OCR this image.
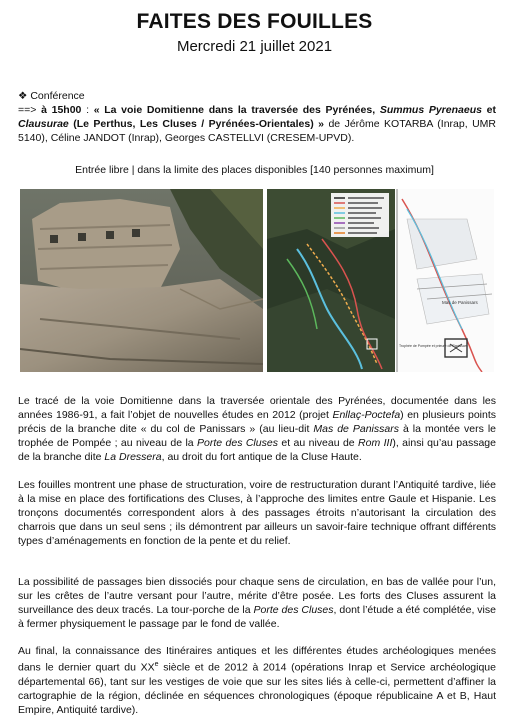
FAITES DES FOUILLES
Mercredi 21 juillet 2021
❖ Conférence
==> à 15h00 : « La voie Domitienne dans la traversée des Pyrénées, Summus Pyrenaeus et Clausurae (Le Perthus, Les Cluses / Pyrénées-Orientales) » de Jérôme KOTARBA (Inrap, UMR 5140), Céline JANDOT (Inrap), Georges CASTELLVI (CRESEM-UPVD).
Entrée libre | dans la limite des places disponibles [140 personnes maximum]
Mas de Panissars
Trophée de Pompée et prieuré de Panissars
Le tracé de la voie Domitienne dans la traversée orientale des Pyrénées, documentée dans les années 1986-91, a fait l’objet de nouvelles études en 2012 (projet Enllaç-Poctefa) en plusieurs points précis de la branche dite « du col de Panissars » (au lieu-dit Mas de Panissars à la montée vers le trophée de Pompée ; au niveau de la Porte des Cluses et au niveau de Rom III), ainsi qu’au passage de la branche dite La Dressera, au droit du fort antique de la Cluse Haute.
Les fouilles montrent une phase de structuration, voire de restructuration durant l’Antiquité tardive, liée à la mise en place des fortifications des Cluses, à l’approche des limites entre Gaule et Hispanie. Les tronçons documentés correspondent alors à des passages étroits n’autorisant la circulation des charrois que dans un seul sens ; ils démontrent par ailleurs un savoir-faire technique offrant différents types d’aménagements en fonction de la pente et du relief.
La possibilité de passages bien dissociés pour chaque sens de circulation, en bas de vallée pour l’un, sur les crêtes de l’autre versant pour l’autre, mérite d’être posée. Les forts des Cluses assurent la surveillance des deux tracés. La tour-porche de la Porte des Cluses, dont l’étude a été complétée, vise à fermer physiquement le passage par le fond de vallée.
Au final, la connaissance des Itinéraires antiques et les différentes études archéologiques menées dans le dernier quart du XXe siècle et de 2012 à 2014 (opérations Inrap et Service archéologique départemental 66), tant sur les vestiges de voie que sur les sites liés à celle-ci, permettent d’affiner la cartographie de la région, déclinée en séquences chronologiques (époque républicaine A et B, Haut Empire, Antiquité tardive).
